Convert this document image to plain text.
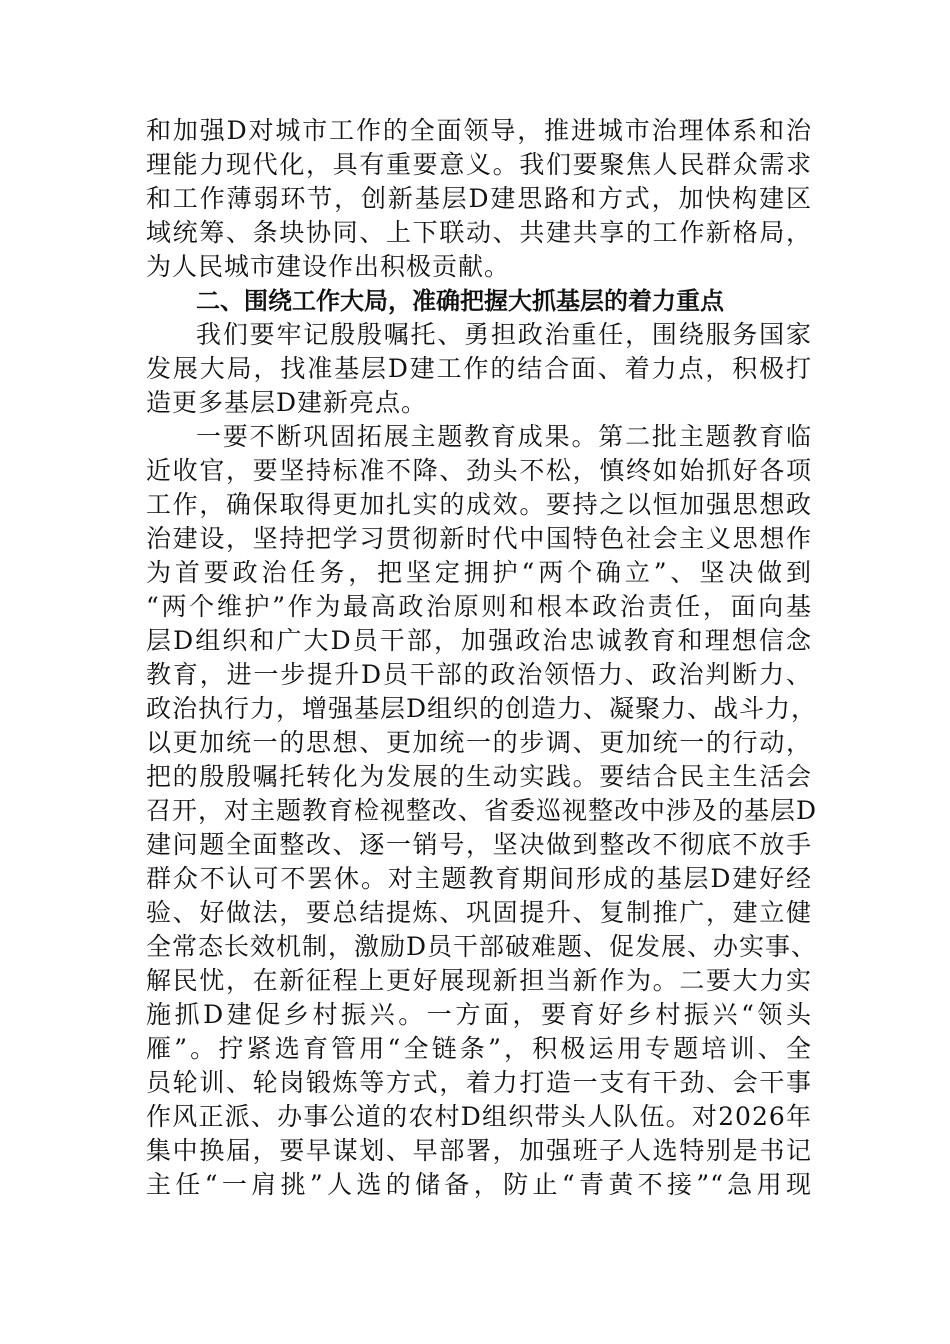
和加强D对城市工作的全面领导，推进城市治理体系和治
理能力现代化，具有重要意义。我们要聚焦人民群众需求
和工作薄弱环节，创新基层D建思路和方式，加快构建区
域统筹、条块协同、上下联动、共建共享的工作新格局，
为人民城市建设作出积极贡献。
二、围绕工作大局，准确把握大抓基层的着力重点
我们要牢记殷殷嘱托、勇担政治重任，围绕服务国家
发展大局，找准基层D建工作的结合面、着力点，积极打
造更多基层D建新亮点。
一要不断巩固拓展主题教育成果。第二批主题教育临
近收官，要坚持标准不降、劲头不松，慎终如始抓好各项
工作，确保取得更加扎实的成效。要持之以恒加强思想政
治建设，坚持把学习贯彻新时代中国特色社会主义思想作
为首要政治任务，把坚定拥护“两个确立”、坚决做到
“两个维护”作为最高政治原则和根本政治责任，面向基
层D组织和广大D员干部，加强政治忠诚教育和理想信念
教育，进一步提升D员干部的政治领悟力、政治判断力、
政治执行力，增强基层D组织的创造力、凝聚力、战斗力，
以更加统一的思想、更加统一的步调、更加统一的行动，
把的殷殷嘱托转化为发展的生动实践。要结合民主生活会
召开，对主题教育检视整改、省委巡视整改中涉及的基层D
建问题全面整改、逐一销号，坚决做到整改不彻底不放手
群众不认可不罢休。对主题教育期间形成的基层D建好经
验、好做法，要总结提炼、巩固提升、复制推广，建立健
全常态长效机制，激励D员干部破难题、促发展、办实事、
解民忧，在新征程上更好展现新担当新作为。二要大力实
施抓D建促乡村振兴。一方面，要育好乡村振兴“领头
雁”。拧紧选育管用“全链条”，积极运用专题培训、全
员轮训、轮岗锻炼等方式，着力打造一支有干劲、会干事
作风正派、办事公道的农村D组织带头人队伍。对2026年
集中换届，要早谋划、早部署，加强班子人选特别是书记
主任“一肩挑”人选的储备，防止“青黄不接”“急用现
